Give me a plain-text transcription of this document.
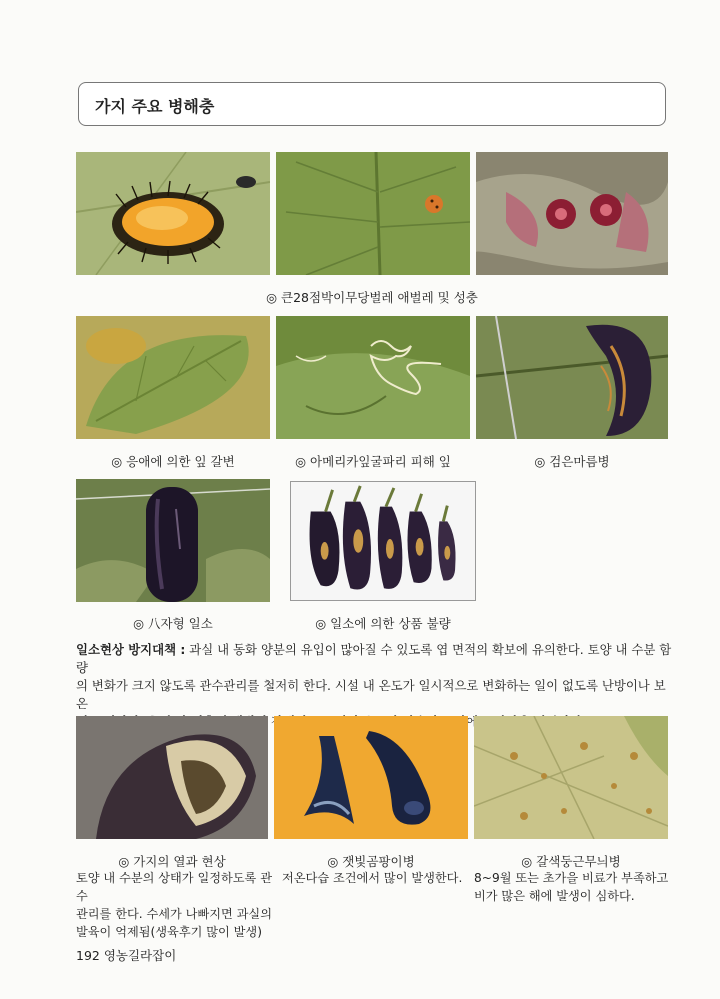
가지 주요 병해충
◎ 큰28점박이무당벌레 애벌레 및 성충
◎ 응애에 의한 잎 갈변	◎ 아메리카잎굴파리 피해 잎	◎ 검은마름병
◎ 八자형 일소	◎ 일소에 의한 상품 불량
일소현상 방지대책 : 과실 내 동화 양분의 유입이 많아질 수 있도록 엽 면적의 확보에 유의한다. 토양 내 수분 함량
의 변화가 크지 않도록 관수관리를 철저히 한다. 시설 내 온도가 일시적으로 변화하는 일이 없도록 난방이나 보온
날에는
◎ 가지의 열과 현상	◎ 잿빛곰팡이병	◎ 갈색둥근무늬병
토양 내 수분의 상태가 일정하도록 관수
관리를 한다. 수세가 나빠지면 과실의
발육이 억제됨(생육후기 많이 발생)
저온다습 조건에서 많이 발생한다. 8~9월 또는 초가을 비료가 부족하고
비가 많은 해에 발생이 심하다.
192 영농길라잡이
